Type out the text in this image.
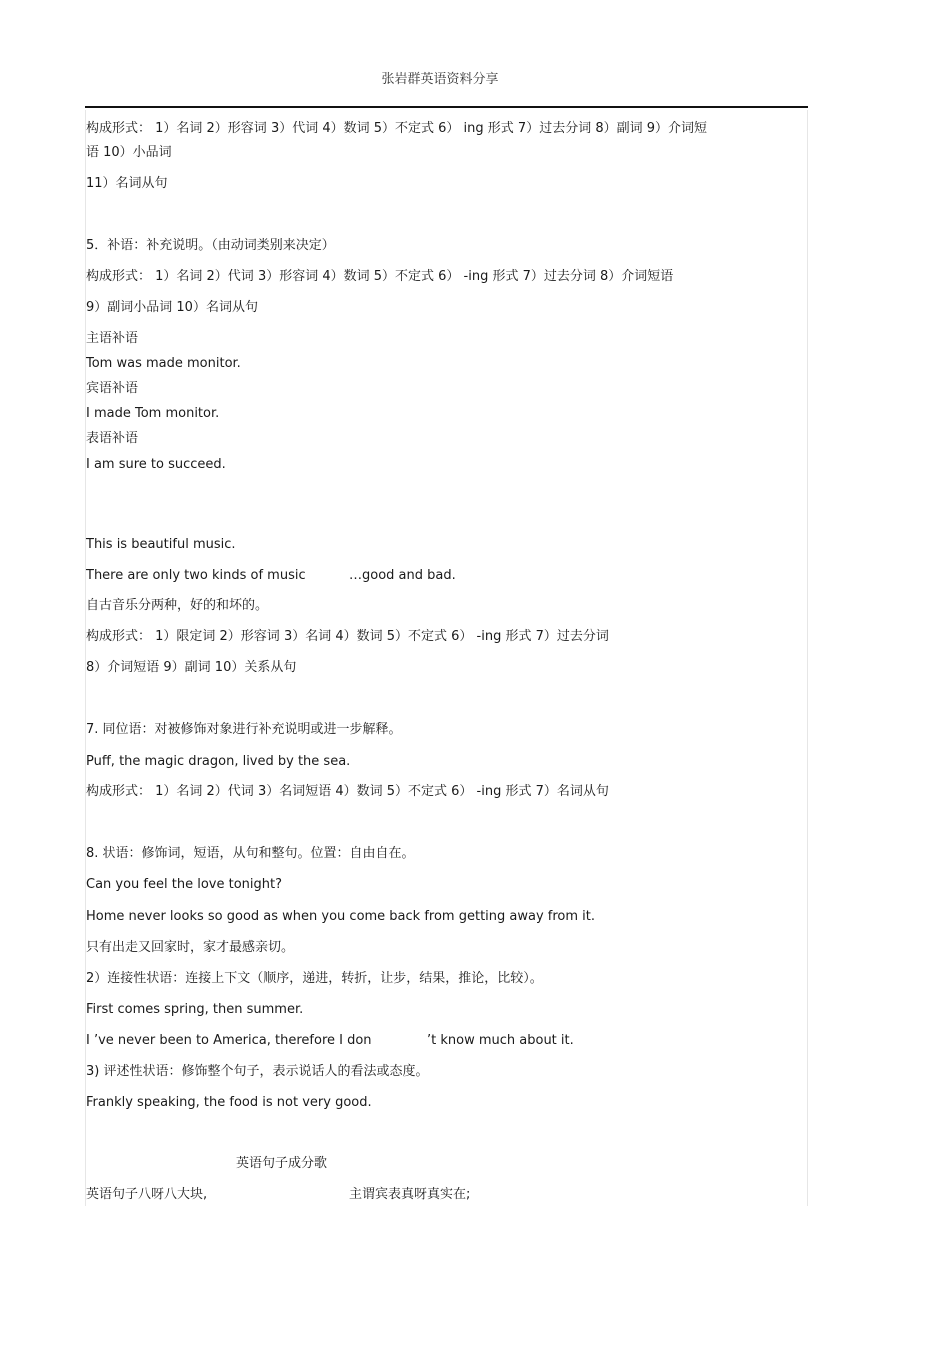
张岩群英语资料分享
构成形式： 1）名词 2）形容词 3）代词 4）数词 5）不定式 6） ing 形式 7）过去分词 8）副词 9）介词短
语 10）小品词
11）名词从句
5．补语：补充说明。（由动词类别来决定）
构成形式： 1）名词 2）代词 3）形容词 4）数词 5）不定式 6） -ing 形式 7）过去分词 8）介词短语
9）副词小品词 10）名词从句
主语补语
Tom was made monitor.
宾语补语
I made Tom monitor.
表语补语
I am sure to succeed.
This is beautiful music.
There are only two kinds of music	…good and bad.
自古音乐分两种，好的和坏的。
构成形式： 1）限定词 2）形容词 3）名词 4）数词 5）不定式 6） -ing 形式 7）过去分词
8）介词短语 9）副词 10）关系从句
7. 同位语：对被修饰对象进行补充说明或进一步解释。
Puff, the magic dragon, lived by the sea.
构成形式： 1）名词 2）代词 3）名词短语 4）数词 5）不定式 6） -ing 形式 7）名词从句
8. 状语：修饰词，短语，从句和整句。位置：自由自在。
Can you feel the love tonight?
Home never looks so good as when you come back from getting away from it.
只有出走又回家时，家才最感亲切。
2）连接性状语：连接上下文（顺序，递进，转折，让步，结果，推论，比较）。
First comes spring, then summer.
I ’ve never been to America, therefore I don	’t know much about it.
3) 评述性状语：修饰整个句子，表示说话人的看法或态度。
Frankly speaking, the food is not very good.
英语句子成分歌
英语句子八呀八大块,	主谓宾表真呀真实在;
